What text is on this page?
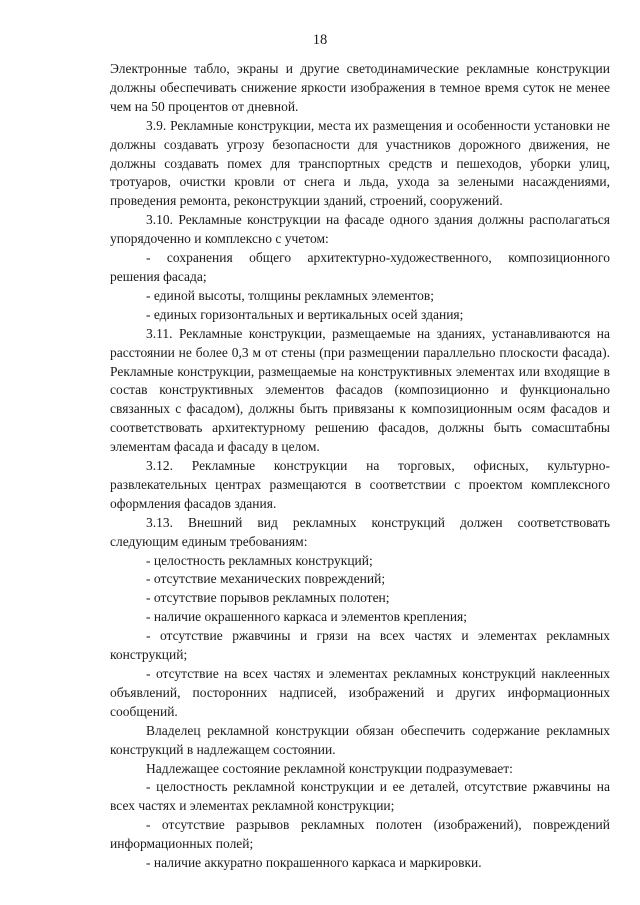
18

Электронные табло, экраны и другие светодинамические рекламные конструкции должны обеспечивать снижение яркости изображения в темное время суток не менее чем на 50 процентов от дневной.

3.9. Рекламные конструкции, места их размещения и особенности установки не должны создавать угрозу безопасности для участников дорожного движения, не должны создавать помех для транспортных средств и пешеходов, уборки улиц, тротуаров, очистки кровли от снега и льда, ухода за зелеными насаждениями, проведения ремонта, реконструкции зданий, строений, сооружений.

3.10. Рекламные конструкции на фасаде одного здания должны располагаться упорядоченно и комплексно с учетом:

- сохранения общего архитектурно-художественного, композиционного решения фасада;

- единой высоты, толщины рекламных элементов;

- единых горизонтальных и вертикальных осей здания;

3.11. Рекламные конструкции, размещаемые на зданиях, устанавливаются на расстоянии не более 0,3 м от стены (при размещении параллельно плоскости фасада). Рекламные конструкции, размещаемые на конструктивных элементах или входящие в состав конструктивных элементов фасадов (композиционно и функционально связанных с фасадом), должны быть привязаны к композиционным осям фасадов и соответствовать архитектурному решению фасадов, должны быть сомасштабны элементам фасада и фасаду в целом.

3.12. Рекламные конструкции на торговых, офисных, культурно-развлекательных центрах размещаются в соответствии с проектом комплексного оформления фасадов здания.

3.13. Внешний вид рекламных конструкций должен соответствовать следующим единым требованиям:

- целостность рекламных конструкций;

- отсутствие механических повреждений;

- отсутствие порывов рекламных полотен;

- наличие окрашенного каркаса и элементов крепления;

- отсутствие ржавчины и грязи на всех частях и элементах рекламных конструкций;

- отсутствие на всех частях и элементах рекламных конструкций наклеенных объявлений, посторонних надписей, изображений и других информационных сообщений.

Владелец рекламной конструкции обязан обеспечить содержание рекламных конструкций в надлежащем состоянии.

Надлежащее состояние рекламной конструкции подразумевает:

- целостность рекламной конструкции и ее деталей, отсутствие ржавчины на всех частях и элементах рекламной конструкции;

- отсутствие разрывов рекламных полотен (изображений), повреждений информационных полей;

- наличие аккуратно покрашенного каркаса и маркировки.
